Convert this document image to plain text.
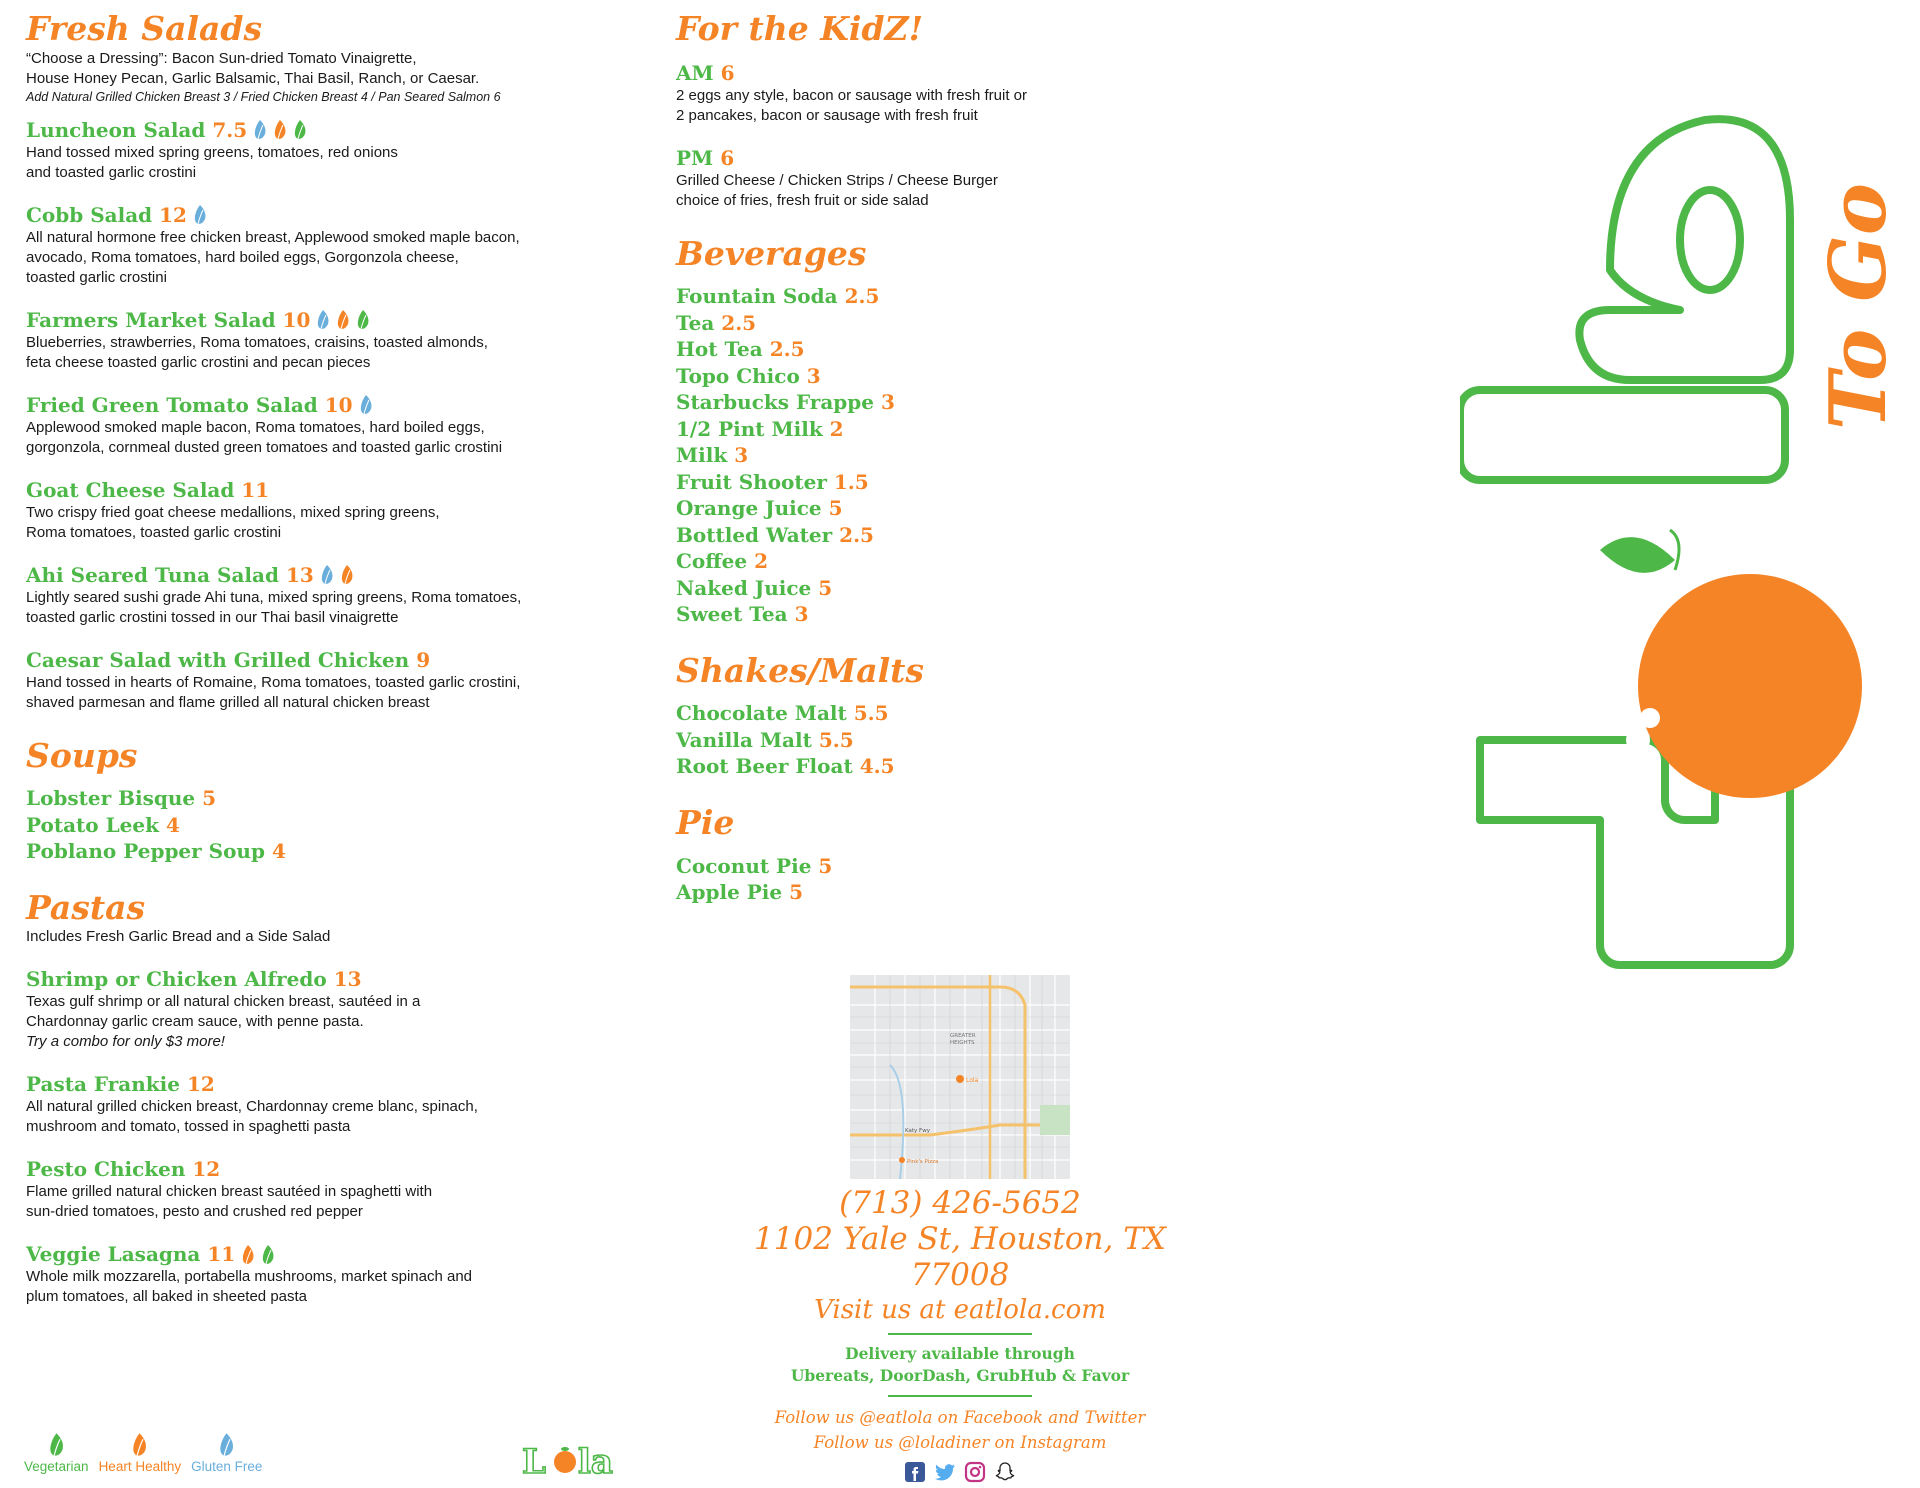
Fresh Salads
“Choose a Dressing”: Bacon Sun-dried Tomato Vinaigrette,
House Honey Pecan, Garlic Balsamic, Thai Basil, Ranch, or Caesar.
Add Natural Grilled Chicken Breast 3 / Fried Chicken Breast 4 / Pan Seared Salmon 6
Luncheon Salad 7.5
Hand tossed mixed spring greens, tomatoes, red onions
and toasted garlic crostini
Cobb Salad 12
All natural hormone free chicken breast, Applewood smoked maple bacon,
avocado, Roma tomatoes, hard boiled eggs, Gorgonzola cheese,
toasted garlic crostini
Farmers Market Salad 10
Blueberries, strawberries, Roma tomatoes, craisins, toasted almonds,
feta cheese toasted garlic crostini and pecan pieces
Fried Green Tomato Salad 10
Applewood smoked maple bacon, Roma tomatoes, hard boiled eggs,
gorgonzola, cornmeal dusted green tomatoes and toasted garlic crostini
Goat Cheese Salad 11
Two crispy fried goat cheese medallions, mixed spring greens,
Roma tomatoes, toasted garlic crostini
Ahi Seared Tuna Salad 13
Lightly seared sushi grade Ahi tuna, mixed spring greens, Roma tomatoes,
toasted garlic crostini tossed in our Thai basil vinaigrette
Caesar Salad with Grilled Chicken 9
Hand tossed in hearts of Romaine, Roma tomatoes, toasted garlic crostini,
shaved parmesan and flame grilled all natural chicken breast
Soups
Lobster Bisque 5
Potato Leek 4
Poblano Pepper Soup 4
Pastas
Includes Fresh Garlic Bread and a Side Salad
Shrimp or Chicken Alfredo 13
Texas gulf shrimp or all natural chicken breast, sautéed in a
Chardonnay garlic cream sauce, with penne pasta.
Try a combo for only $3 more!
Pasta Frankie 12
All natural grilled chicken breast, Chardonnay creme blanc, spinach,
mushroom and tomato, tossed in spaghetti pasta
Pesto Chicken 12
Flame grilled natural chicken breast sautéed in spaghetti with
sun-dried tomatoes, pesto and crushed red pepper
Veggie Lasagna 11
Whole milk mozzarella, portabella mushrooms, market spinach and
plum tomatoes, all baked in sheeted pasta
For the KidZ!
AM 6
2 eggs any style, bacon or sausage with fresh fruit or
2 pancakes, bacon or sausage with fresh fruit
PM 6
Grilled Cheese / Chicken Strips / Cheese Burger
choice of fries, fresh fruit or side salad
Beverages
Fountain Soda 2.5
Tea 2.5
Hot Tea 2.5
Topo Chico 3
Starbucks Frappe 3
1/2 Pint Milk 2
Milk 3
Fruit Shooter 1.5
Orange Juice 5
Bottled Water 2.5
Coffee 2
Naked Juice 5
Sweet Tea 3
Shakes/Malts
Chocolate Malt 5.5
Vanilla Malt 5.5
Root Beer Float 4.5
Pie
Coconut Pie 5
Apple Pie 5
GREATER
HEIGHTS
Lola
Katy Fwy
Pink's Pizza
(713) 426-5652
1102 Yale St, Houston, TX 77008
Visit us at eatlola.com
Delivery available through
Ubereats, DoorDash, GrubHub & Favor
Follow us @eatlola on Facebook and Twitter
Follow us @loladiner on Instagram
Vegetarian Heart Healthy Gluten Free	L la
To Go
